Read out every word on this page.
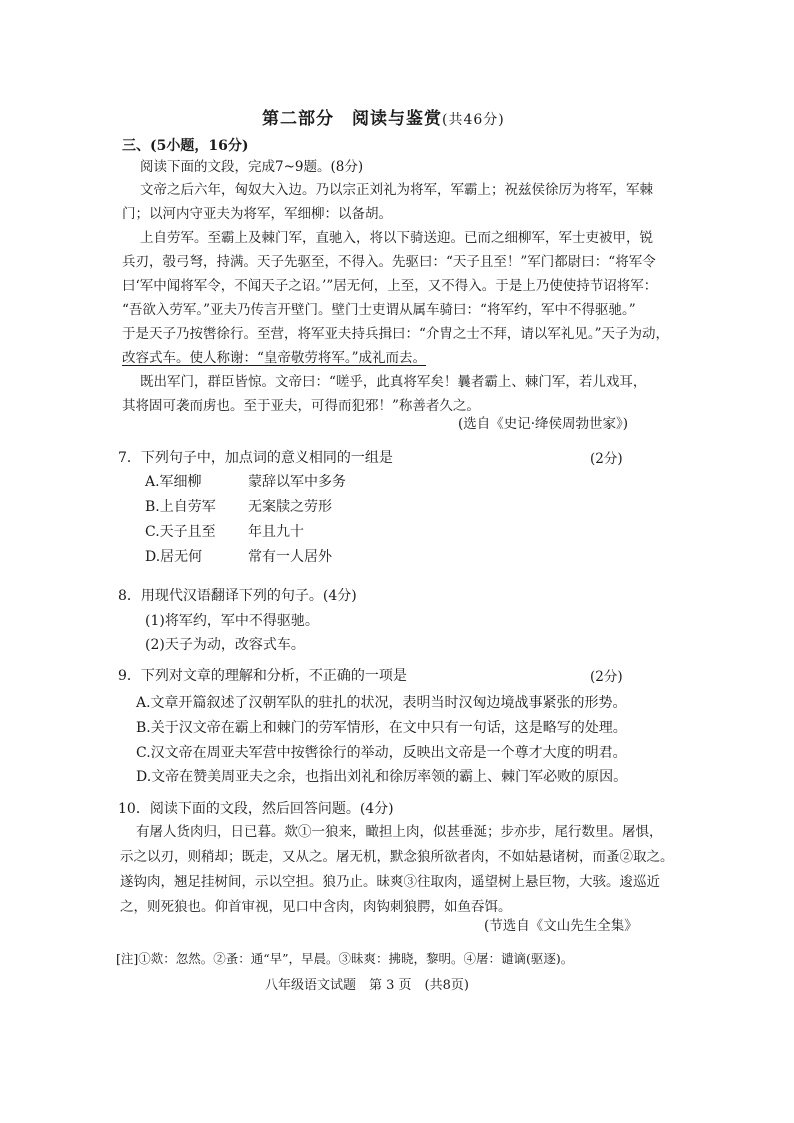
第二部分　阅读与鉴赏(共46分)
三、(5小题，16分)
阅读下面的文段，完成7~9题。(8分)
文帝之后六年，匈奴大入边。乃以宗正刘礼为将军，军霸上；祝兹侯徐厉为将军，军棘
门；以河内守亚夫为将军，军细柳：以备胡。
上自劳军。至霸上及棘门军，直驰入，将以下骑送迎。已而之细柳军，军士吏被甲，锐
兵刃，彀弓弩，持满。天子先驱至，不得入。先驱曰：“天子且至！”军门都尉曰：“将军令
曰‘军中闻将军令，不闻天子之诏。’”居无何，上至，又不得入。于是上乃使使持节诏将军：
“吾欲入劳军。”亚夫乃传言开壁门。壁门士吏谓从属车骑曰：“将军约，军中不得驱驰。”
于是天子乃按辔徐行。至营，将军亚夫持兵揖曰：“介胄之士不拜，请以军礼见。”天子为动，
改容式车。使人称谢：“皇帝敬劳将军。”成礼而去。
既出军门，群臣皆惊。文帝曰：“嗟乎，此真将军矣！曩者霸上、棘门军，若儿戏耳，
其将固可袭而虏也。至于亚夫，可得而犯邪！”称善者久之。
(选自《史记·绛侯周勃世家》)
7．下列句子中，加点词的意义相同的一组是	(2分)
A.军细柳	蒙辞以军中多务
B.上自劳军 无案牍之劳形
C.天子且至 年且九十
D.居无何	常有一人居外
8．用现代汉语翻译下列的句子。(4分)
(1)将军约，军中不得驱驰。
(2)天子为动，改容式车。
9．下列对文章的理解和分析，不正确的一项是	(2分)
A.文章开篇叙述了汉朝军队的驻扎的状况，表明当时汉匈边境战事紧张的形势。
B.关于汉文帝在霸上和棘门的劳军情形，在文中只有一句话，这是略写的处理。
C.汉文帝在周亚夫军营中按辔徐行的举动，反映出文帝是一个尊才大度的明君。
D.文帝在赞美周亚夫之余，也指出刘礼和徐厉率领的霸上、棘门军必败的原因。
10．阅读下面的文段，然后回答问题。(4分)
有屠人货肉归，日已暮。欻①一狼来，瞰担上肉，似甚垂涎；步亦步，尾行数里。屠惧，
示之以刃，则稍却；既走，又从之。屠无机，默念狼所欲者肉，不如姑悬诸树，而蚤②取之。
遂钩肉，翘足挂树间，示以空担。狼乃止。昧爽③往取肉，遥望树上悬巨物，大骇。逡巡近
之，则死狼也。仰首审视，见口中含肉，肉钩刺狼腭，如鱼吞饵。
(节选自《文山先生全集》
[注]①欻：忽然。②蚤：通“早”，早晨。③昧爽：拂晓，黎明。④屠：谴谪(驱逐)。
八年级语文试题　第 3 页　(共8页)
